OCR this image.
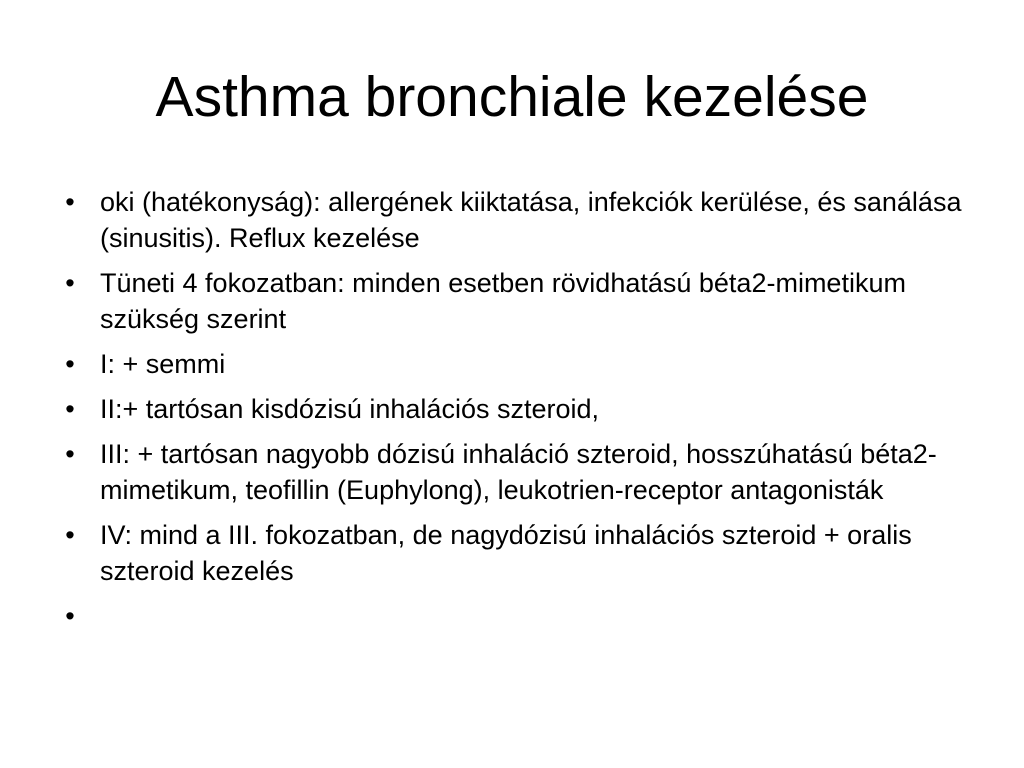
Asthma bronchiale kezelése
• oki (hatékonyság): allergének kiiktatása, infekciók kerülése, és sanálása (sinusitis). Reflux kezelése
• Tüneti 4 fokozatban: minden esetben rövidhatású béta2-mimetikum szükség szerint
• I: + semmi
• II:+ tartósan kisdózisú inhalációs szteroid,
• III: + tartósan nagyobb dózisú inhaláció szteroid, hosszúhatású béta2-mimetikum, teofillin (Euphylong), leukotrien-receptor antagonisták
• IV: mind a III. fokozatban, de nagydózisú inhalációs szteroid + oralis szteroid kezelés
•
